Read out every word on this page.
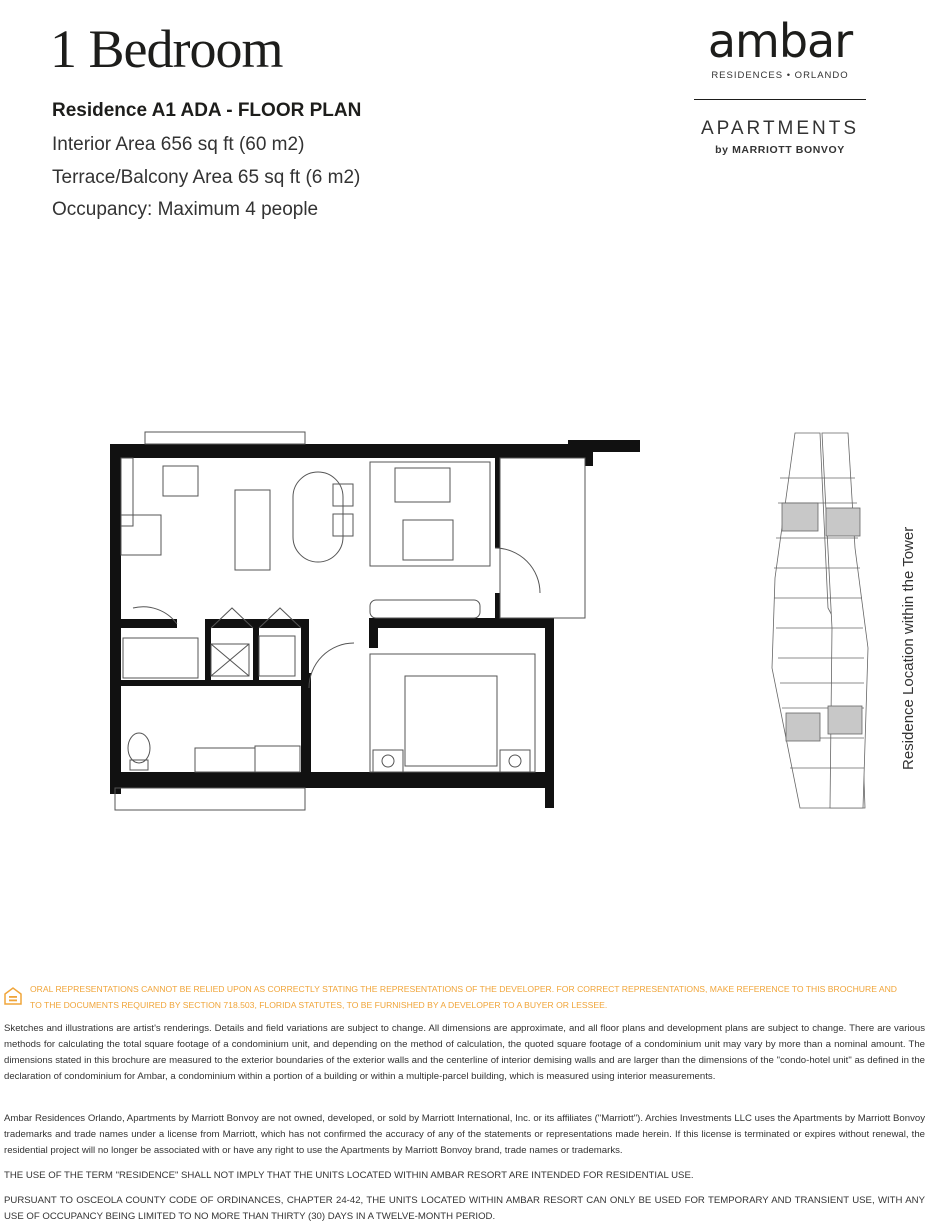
1 Bedroom
Residence A1 ADA - FLOOR PLAN
Interior Area 656 sq ft (60 m2)
Terrace/Balcony Area 65 sq ft (6 m2)
Occupancy: Maximum 4 people
ambar
RESIDENCES • ORLANDO
APARTMENTS
by MARRIOTT BONVOY
Residence Location within the Tower
ORAL REPRESENTATIONS CANNOT BE RELIED UPON AS CORRECTLY STATING THE REPRESENTATIONS OF THE DEVELOPER. FOR CORRECT REPRESENTATIONS, MAKE REFERENCE TO THIS BROCHURE AND
TO THE DOCUMENTS REQUIRED BY SECTION 718.503, FLORIDA STATUTES, TO BE FURNISHED BY A DEVELOPER TO A BUYER OR LESSEE.

Sketches and illustrations are artist's renderings. Details and field variations are subject to change. All dimensions are approximate, and all floor plans and development plans are subject to change. There are various methods for calculating the total square footage of a condominium unit, and depending on the method of calculation, the quoted square footage of a condominium unit may vary by more than a nominal amount. The dimensions stated in this brochure are measured to the exterior boundaries of the exterior walls and the centerline of interior demising walls and are larger than the dimensions of the "condo-hotel unit" as defined in the declaration of condominium for Ambar, a condominium within a portion of a building or within a multiple-parcel building, which is measured using interior measurements.

Ambar Residences Orlando, Apartments by Marriott Bonvoy are not owned, developed, or sold by Marriott International, Inc. or its affiliates ("Marriott"). Archies Investments LLC uses the Apartments by Marriott Bonvoy trademarks and trade names under a license from Marriott, which has not confirmed the accuracy of any of the statements or representations made herein. If this license is terminated or expires without renewal, the residential project will no longer be associated with or have any right to use the Apartments by Marriott Bonvoy brand, trade names or trademarks.

THE USE OF THE TERM "RESIDENCE" SHALL NOT IMPLY THAT THE UNITS LOCATED WITHIN AMBAR RESORT ARE INTENDED FOR RESIDENTIAL USE.

PURSUANT TO OSCEOLA COUNTY CODE OF ORDINANCES, CHAPTER 24-42, THE UNITS LOCATED WITHIN AMBAR RESORT CAN ONLY BE USED FOR TEMPORARY AND TRANSIENT USE, WITH ANY USE OF OCCUPANCY BEING LIMITED TO NO MORE THAN THIRTY (30) DAYS IN A TWELVE-MONTH PERIOD.
